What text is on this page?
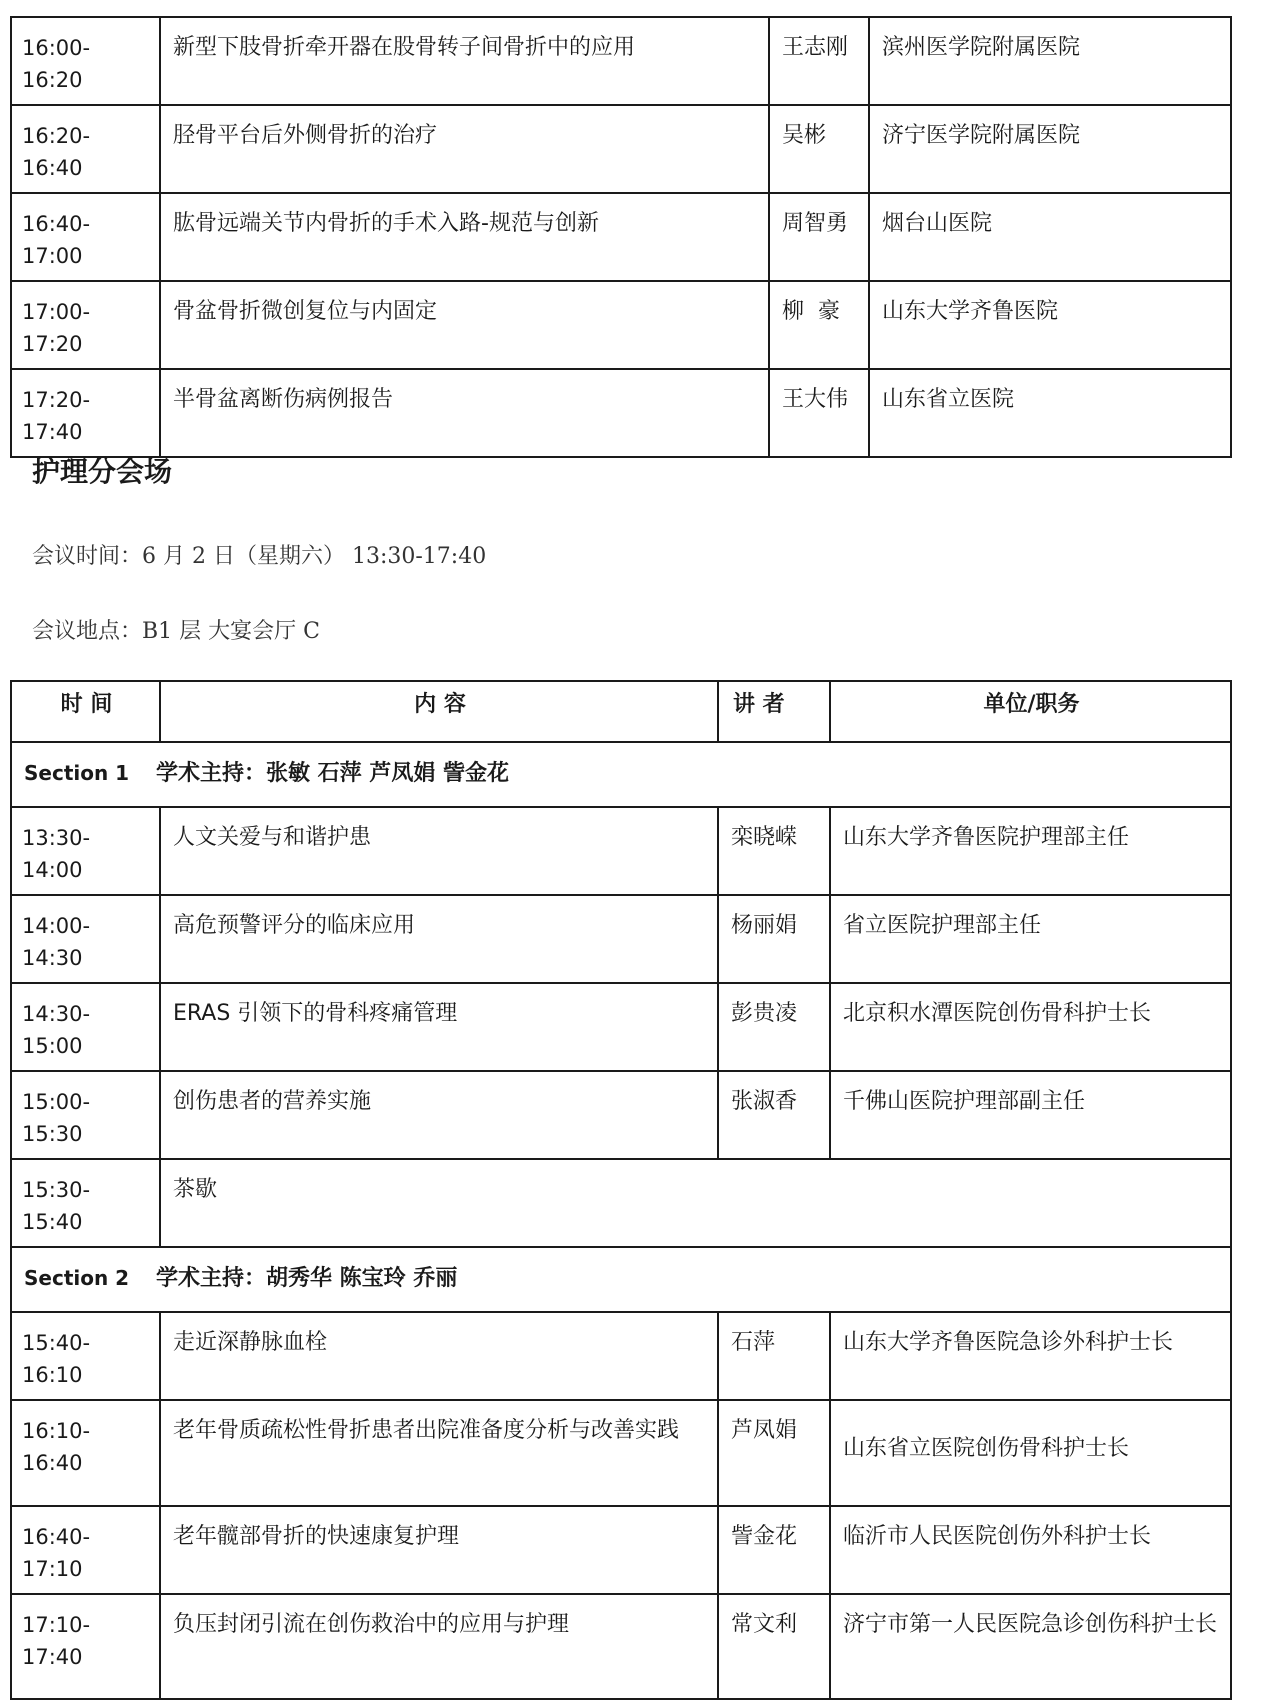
16:00-16:20	新型下肢骨折牵开器在股骨转子间骨折中的应用	王志刚	滨州医学院附属医院
16:20-16:40	胫骨平台后外侧骨折的治疗	吴彬	济宁医学院附属医院
16:40-17:00	肱骨远端关节内骨折的手术入路-规范与创新	周智勇	烟台山医院
17:00-17:20	骨盆骨折微创复位与内固定	柳  豪	山东大学齐鲁医院
17:20-17:40	半骨盆离断伤病例报告	王大伟	山东省立医院
护理分会场

会议时间：6 月 2 日（星期六） 13:30-17:40

会议地点：B1 层 大宴会厅 C

时 间	内 容	讲 者	单位/职务
Section 1 学术主持：张敏 石萍 芦凤娟 訾金花			
13:30-14:00	人文关爱与和谐护患	栾晓嵘	山东大学齐鲁医院护理部主任
14:00-14:30	高危预警评分的临床应用	杨丽娟	省立医院护理部主任
14:30-15:00	ERAS 引领下的骨科疼痛管理	彭贵凌	北京积水潭医院创伤骨科护士长
15:00-15:30	创伤患者的营养实施	张淑香	千佛山医院护理部副主任
15:30-15:40	茶歇		
Section 2 学术主持：胡秀华 陈宝玲 乔丽			
15:40-16:10	走近深静脉血栓	石萍	山东大学齐鲁医院急诊外科护士长
16:10-16:40	老年骨质疏松性骨折患者出院准备度分析与改善实践	芦凤娟	山东省立医院创伤骨科护士长
16:40-17:10	老年髋部骨折的快速康复护理	訾金花	临沂市人民医院创伤外科护士长
17:10-17:40	负压封闭引流在创伤救治中的应用与护理	常文利	济宁市第一人民医院急诊创伤科护士长
